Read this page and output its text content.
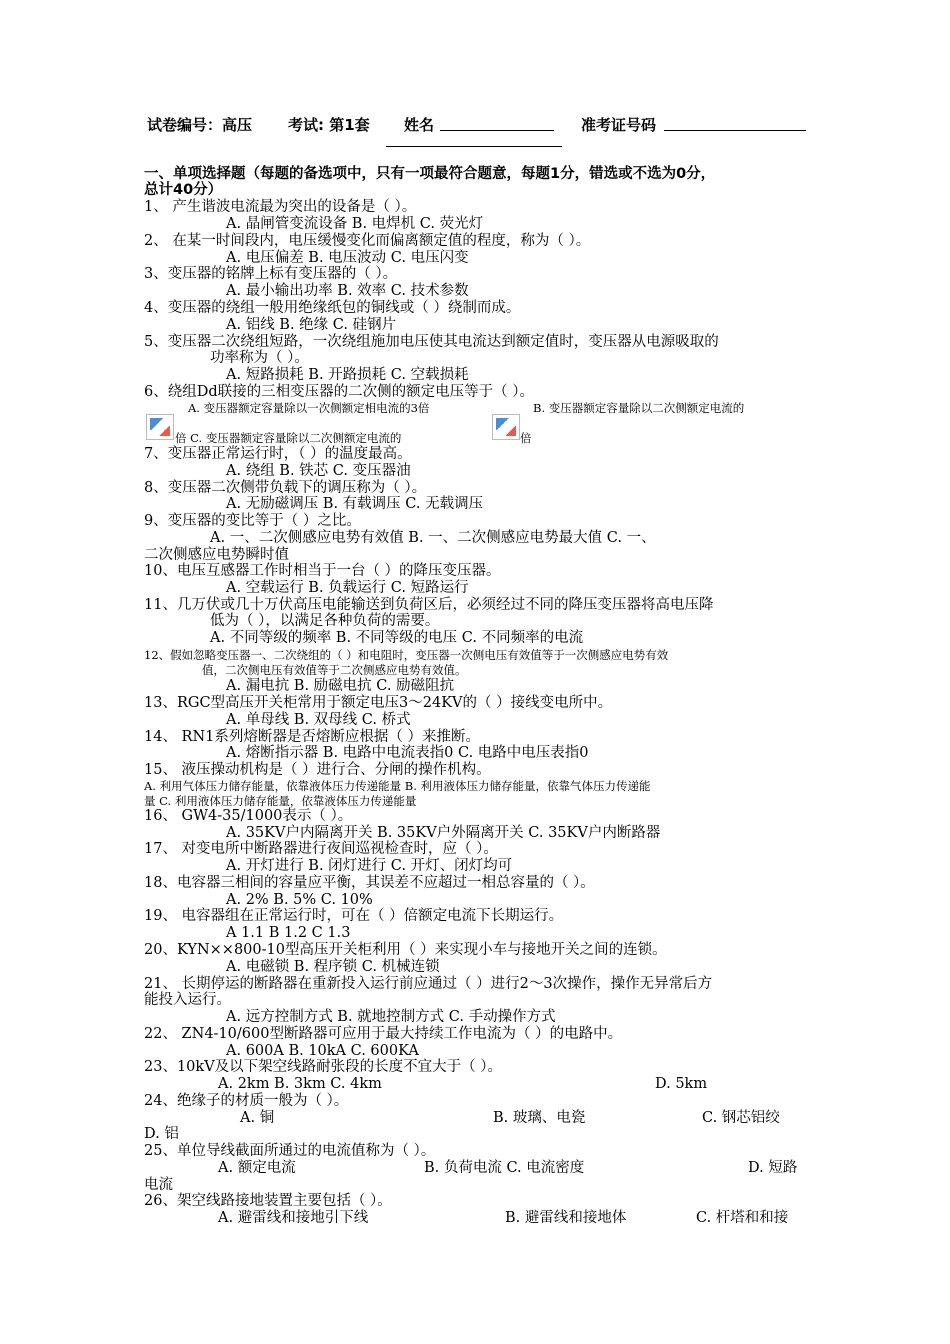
试卷编号：高压 考试: 第1套 姓名	准考证号码
一、单项选择题（每题的备选项中，只有一项最符合题意，每题1分，错选或不选为0分，
总计40分）
1、 产生谐波电流最为突出的设备是（ ）。
A. 晶闸管变流设备 B. 电焊机 C. 荧光灯
2、 在某一时间段内，电压缓慢变化而偏离额定值的程度，称为（ ）。
A. 电压偏差 B. 电压波动 C. 电压闪变
3、变压器的铭牌上标有变压器的（ ）。
A. 最小输出功率 B. 效率 C. 技术参数
4、变压器的绕组一般用绝缘纸包的铜线或（ ）绕制而成。
A. 铝线 B. 绝缘 C. 硅钢片
5、变压器二次绕组短路，一次绕组施加电压使其电流达到额定值时，变压器从电源吸取的
功率称为（ ）。
A. 短路损耗 B. 开路损耗 C. 空载损耗
6、绕组Dd联接的三相变压器的二次侧的额定电压等于（ ）。
A. 变压器额定容量除以一次侧额定相电流的3倍	B. 变压器额定容量除以二次侧额定电流的
倍 C. 变压器额定容量除以二次侧额定电流的	倍
7、变压器正常运行时，（ ）的温度最高。
A. 绕组 B. 铁芯 C. 变压器油
8、变压器二次侧带负载下的调压称为（ ）。
A. 无励磁调压 B. 有载调压 C. 无载调压
9、变压器的变比等于（ ）之比。
A. 一、二次侧感应电势有效值 B. 一、二次侧感应电势最大值 C. 一、
二次侧感应电势瞬时值
10、电压互感器工作时相当于一台（ ）的降压变压器。
A. 空载运行 B. 负载运行 C. 短路运行
11、几万伏或几十万伏高压电能输送到负荷区后，必须经过不同的降压变压器将高电压降
低为（ ），以满足各种负荷的需要。
A. 不同等级的频率 B. 不同等级的电压 C. 不同频率的电流
12、假如忽略变压器一、二次绕组的（ ）和电阻时，变压器一次侧电压有效值等于一次侧感应电势有效
值，二次侧电压有效值等于二次侧感应电势有效值。
A. 漏电抗 B. 励磁电抗 C. 励磁阻抗
13、RGC型高压开关柜常用于额定电压3～24KV的（ ）接线变电所中。
A. 单母线 B. 双母线 C. 桥式
14、 RN1系列熔断器是否熔断应根据（ ）来推断。
A. 熔断指示器 B. 电路中电流表指0 C. 电路中电压表指0
15、 液压操动机构是（ ）进行合、分闸的操作机构。
A. 利用气体压力储存能量，依靠液体压力传递能量 B. 利用液体压力储存能量，依靠气体压力传递能
量 C. 利用液体压力储存能量，依靠液体压力传递能量
16、 GW4-35/1000表示（ ）。
A. 35KV户内隔离开关 B. 35KV户外隔离开关 C. 35KV户内断路器
17、 对变电所中断路器进行夜间巡视检查时，应（ ）。
A. 开灯进行 B. 闭灯进行 C. 开灯、闭灯均可
18、电容器三相间的容量应平衡，其误差不应超过一相总容量的（ ）。
A. 2% B. 5% C. 10%
19、 电容器组在正常运行时，可在（ ）倍额定电流下长期运行。
A 1.1 B 1.2 C 1.3
20、KYN××800-10型高压开关柜利用（ ）来实现小车与接地开关之间的连锁。
A. 电磁锁 B. 程序锁 C. 机械连锁
21、 长期停运的断路器在重新投入运行前应通过（ ）进行2～3次操作，操作无异常后方
能投入运行。
A. 远方控制方式 B. 就地控制方式 C. 手动操作方式
22、 ZN4-10/600型断路器可应用于最大持续工作电流为（ ）的电路中。
A. 600A B. 10kA C. 600KA
23、10kV及以下架空线路耐张段的长度不宜大于（ ）。
A. 2km B. 3km C. 4km	D. 5km
24、绝缘子的材质一般为（ ）。
A. 铜	B. 玻璃、电瓷	C. 钢芯铝绞
D. 铝
25、单位导线截面所通过的电流值称为（ ）。
A. 额定电流	B. 负荷电流 C. 电流密度	D. 短路
电流
26、架空线路接地装置主要包括（ ）。
A. 避雷线和接地引下线	B. 避雷线和接地体	C. 杆塔和和接
